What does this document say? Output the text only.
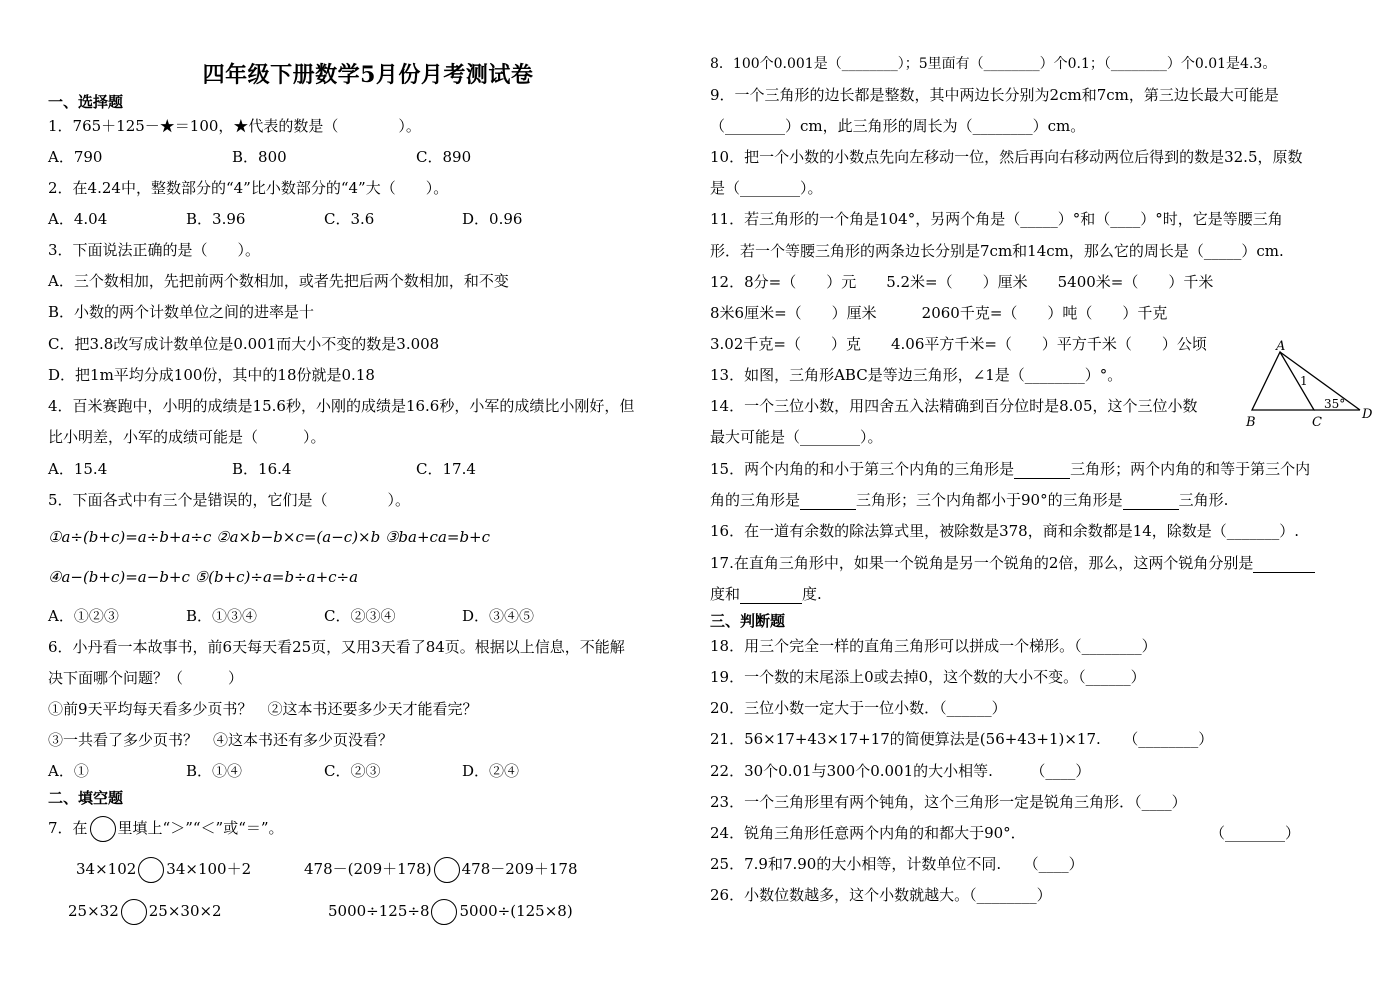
四年级下册数学5月份月考测试卷
一、选择题
1．765＋125－★＝100，★代表的数是（　　　　）。
A．790	B．800	C．890
2．在4.24中，整数部分的“4”比小数部分的“4”大（　　）。
A．4.04	B．3.96	C．3.6	D．0.96
3．下面说法正确的是（　　）。
A．三个数相加，先把前两个数相加，或者先把后两个数相加，和不变
B．小数的两个计数单位之间的进率是十
C．把3.8改写成计数单位是0.001而大小不变的数是3.008
D．把1m平均分成100份，其中的18份就是0.18
4．百米赛跑中，小明的成绩是15.6秒，小刚的成绩是16.6秒，小军的成绩比小刚好，但
比小明差，小军的成绩可能是（　　　）。
A．15.4	B．16.4	C．17.4
5．下面各式中有三个是错误的，它们是（　　　　）。
①a÷(b+c)=a÷b+a÷c ②a×b−b×c=(a−c)×b ③ba+ca=b+c
④a−(b+c)=a−b+c ⑤(b+c)÷a=b÷a+c÷a
A．①②③	B．①③④	C．②③④	D．③④⑤
6．小丹看一本故事书，前6天每天看25页，又用3天看了84页。根据以上信息，不能解
决下面哪个问题？（　　　）
①前9天平均每天看多少页书？　②这本书还要多少天才能看完？
③一共看了多少页书？　④这本书还有多少页没看？
A．①	B．①④	C．②③	D．②④
二、填空题
7．在 里填上“＞”“＜”或“＝”。
34×102 34×100＋2	478－(209＋178) 478－209＋178
25×32 25×30×2	5000÷125÷8 5000÷(125×8)
8．100个0.001是（________）；5里面有（________）个0.1；（________）个0.01是4.3。
9．一个三角形的边长都是整数，其中两边长分别为2cm和7cm，第三边长最大可能是
（________）cm，此三角形的周长为（________）cm。
10．把一个小数的小数点先向左移动一位，然后再向右移动两位后得到的数是32.5，原数
是（________）。
11．若三角形的一个角是104°，另两个角是（_____）°和（____）°时，它是等腰三角
形．若一个等腰三角形的两条边长分别是7cm和14cm，那么它的周长是（_____）cm.
12．8分=（　　）元　　5.2米=（　　）厘米　　5400米=（　　）千米
8米6厘米=（　　）厘米　　　2060千克=（　　）吨（　　）千克
3.02千克=（　　）克　　4.06平方千米=（　　）平方千米（　　）公顷
13．如图，三角形ABC是等边三角形，∠1是（________）°。
14．一个三位小数，用四舍五入法精确到百分位时是8.05，这个三位小数
最大可能是（________）。
15．两个内角的和小于第三个内角的三角形是	三角形；两个内角的和等于第三个内
角的三角形是	三角形；三个内角都小于90°的三角形是	三角形.
16．在一道有余数的除法算式里，被除数是378，商和余数都是14，除数是（_______）.
17.在直角三角形中，如果一个锐角是另一个锐角的2倍，那么，这两个锐角分别是
度和	度.
三、判断题
18．用三个完全一样的直角三角形可以拼成一个梯形。（________）
19．一个数的末尾添上0或去掉0，这个数的大小不变。（______）
20．三位小数一定大于一位小数．（______）
21．56×17+43×17+17的简便算法是(56+43+1)×17.　　（________）
22．30个0.01与300个0.001的大小相等.　　　（____）
23．一个三角形里有两个钝角，这个三角形一定是锐角三角形．（____）
24．锐角三角形任意两个内角的和都大于90°．	（________）
25．7.9和7.90的大小相等，计数单位不同.　　（____）
26．小数位数越多，这个小数就越大。（________）
A
B	C
D
1
35°
